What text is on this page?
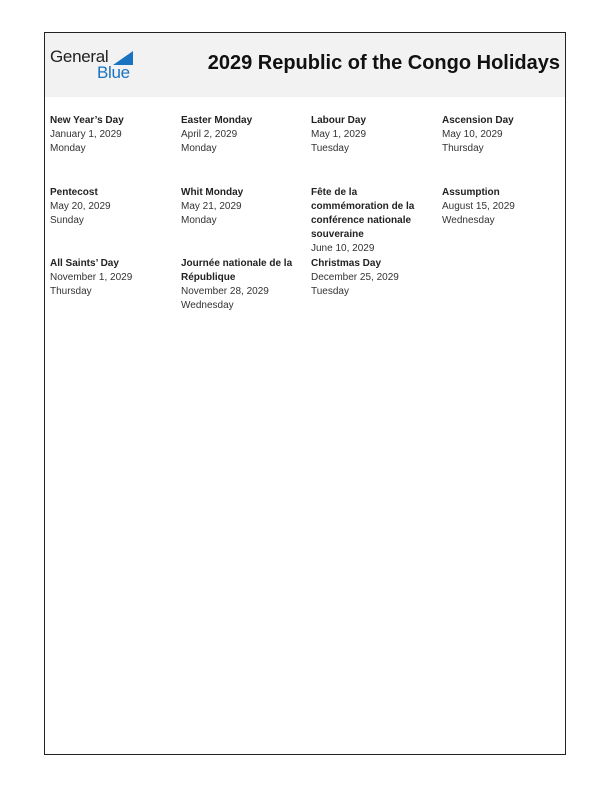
General
Blue	2029 Republic of the Congo Holidays
New Year’s Day
January 1, 2029
Monday
Easter Monday
April 2, 2029
Monday
Labour Day
May 1, 2029
Tuesday
Ascension Day
May 10, 2029
Thursday
Pentecost
May 20, 2029
Sunday
Whit Monday
May 21, 2029
Monday
Fête de la commémoration de la conférence nationale souveraine
June 10, 2029
Assumption
August 15, 2029
Wednesday
All Saints’ Day
November 1, 2029
Thursday
Journée nationale de la République
November 28, 2029
Wednesday
Christmas Day
December 25, 2029
Tuesday
